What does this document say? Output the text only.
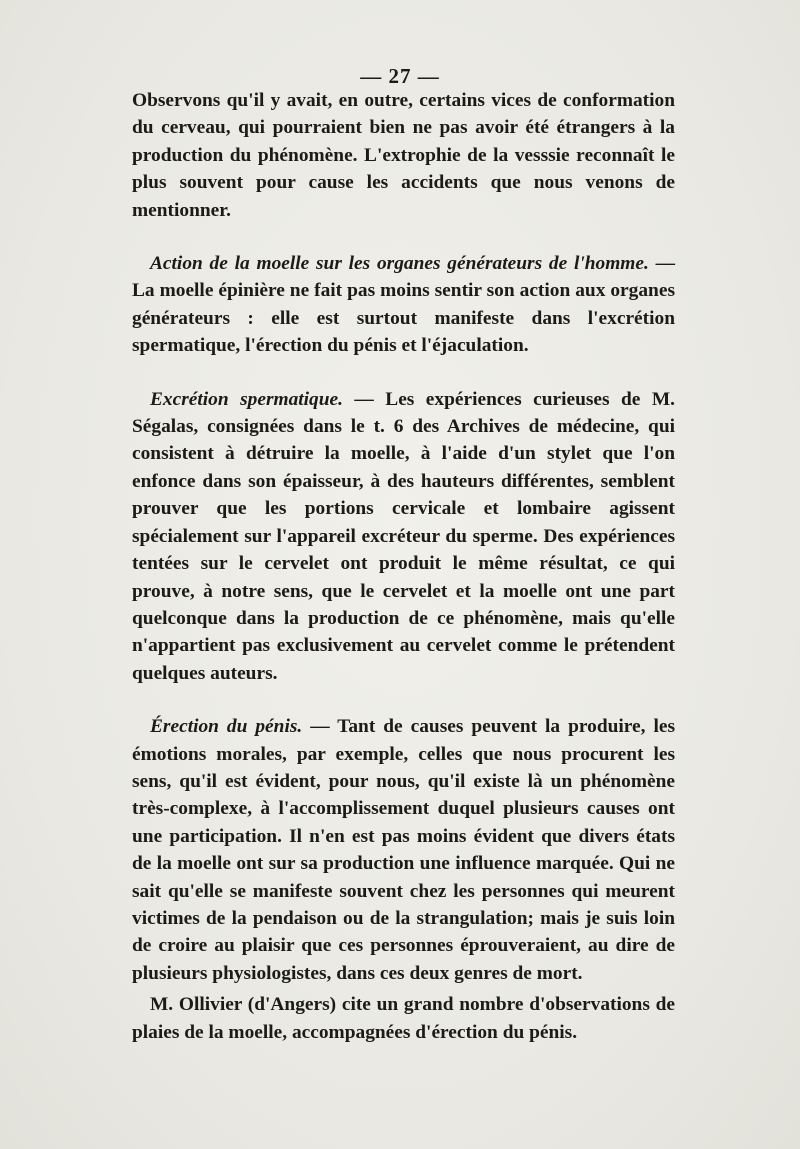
— 27 —

Observons qu'il y avait, en outre, certains vices de conformation du cerveau, qui pourraient bien ne pas avoir été étrangers à la production du phénomène. L'extrophie de la vesssie reconnaît le plus souvent pour cause les accidents que nous venons de mentionner.

Action de la moelle sur les organes générateurs de l'homme. — La moelle épinière ne fait pas moins sentir son action aux organes générateurs : elle est surtout manifeste dans l'excrétion spermatique, l'érection du pénis et l'éjaculation.

Excrétion spermatique. — Les expériences curieuses de M. Ségalas, consignées dans le t. 6 des Archives de médecine, qui consistent à détruire la moelle, à l'aide d'un stylet que l'on enfonce dans son épaisseur, à des hauteurs différentes, semblent prouver que les portions cervicale et lombaire agissent spécialement sur l'appareil excréteur du sperme. Des expériences tentées sur le cervelet ont produit le même résultat, ce qui prouve, à notre sens, que le cervelet et la moelle ont une part quelconque dans la production de ce phénomène, mais qu'elle n'appartient pas exclusivement au cervelet comme le prétendent quelques auteurs.

Érection du pénis. — Tant de causes peuvent la produire, les émotions morales, par exemple, celles que nous procurent les sens, qu'il est évident, pour nous, qu'il existe là un phénomène très-complexe, à l'accomplissement duquel plusieurs causes ont une participation. Il n'en est pas moins évident que divers états de la moelle ont sur sa production une influence marquée. Qui ne sait qu'elle se manifeste souvent chez les personnes qui meurent victimes de la pendaison ou de la strangulation; mais je suis loin de croire au plaisir que ces personnes éprouveraient, au dire de plusieurs physiologistes, dans ces deux genres de mort.

M. Ollivier (d'Angers) cite un grand nombre d'observations de plaies de la moelle, accompagnées d'érection du pénis.
